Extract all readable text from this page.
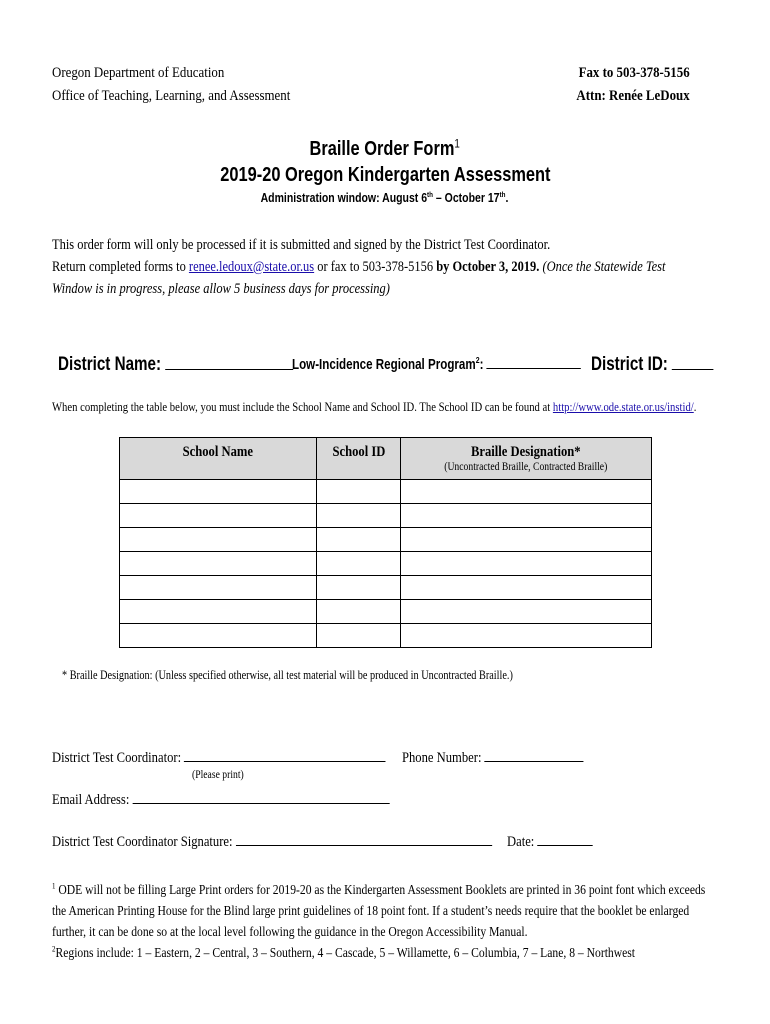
Oregon Department of Education
Office of Teaching, Learning, and Assessment
Fax to 503-378-5156
Attn: Renée LeDoux
Braille Order Form$^1$
2019-20 Oregon Kindergarten Assessment
Administration window: August 6th – October 17th.
This order form will only be processed if it is submitted and signed by the District Test Coordinator.
Return completed forms to renee.ledoux@state.or.us or fax to 503-378-5156 by October 3, 2019. (Once the Statewide Test Window is in progress, please allow 5 business days for processing)
District Name:	Low-Incidence Regional Program$^2$:	District ID:
When completing the table below, you must include the School Name and School ID. The School ID can be found at http://www.ode.state.or.us/instid/.
School Name	School ID	Braille Designation*
(Uncontracted Braille, Contracted Braille)

* Braille Designation: (Unless specified otherwise, all test material will be produced in Uncontracted Braille.)
District Test Coordinator:
(Please print)
Phone Number:
Email Address:
District Test Coordinator Signature:	Date:
$^1$ ODE will not be filling Large Print orders for 2019-20 as the Kindergarten Assessment Booklets are printed in 36 point font which exceeds the American Printing House for the Blind large print guidelines of 18 point font. If a student’s needs require that the booklet be enlarged further, it can be done so at the local level following the guidance in the Oregon Accessibility Manual.
$^2$Regions include: 1 – Eastern, 2 – Central, 3 – Southern, 4 – Cascade, 5 – Willamette, 6 – Columbia, 7 – Lane, 8 – Northwest
